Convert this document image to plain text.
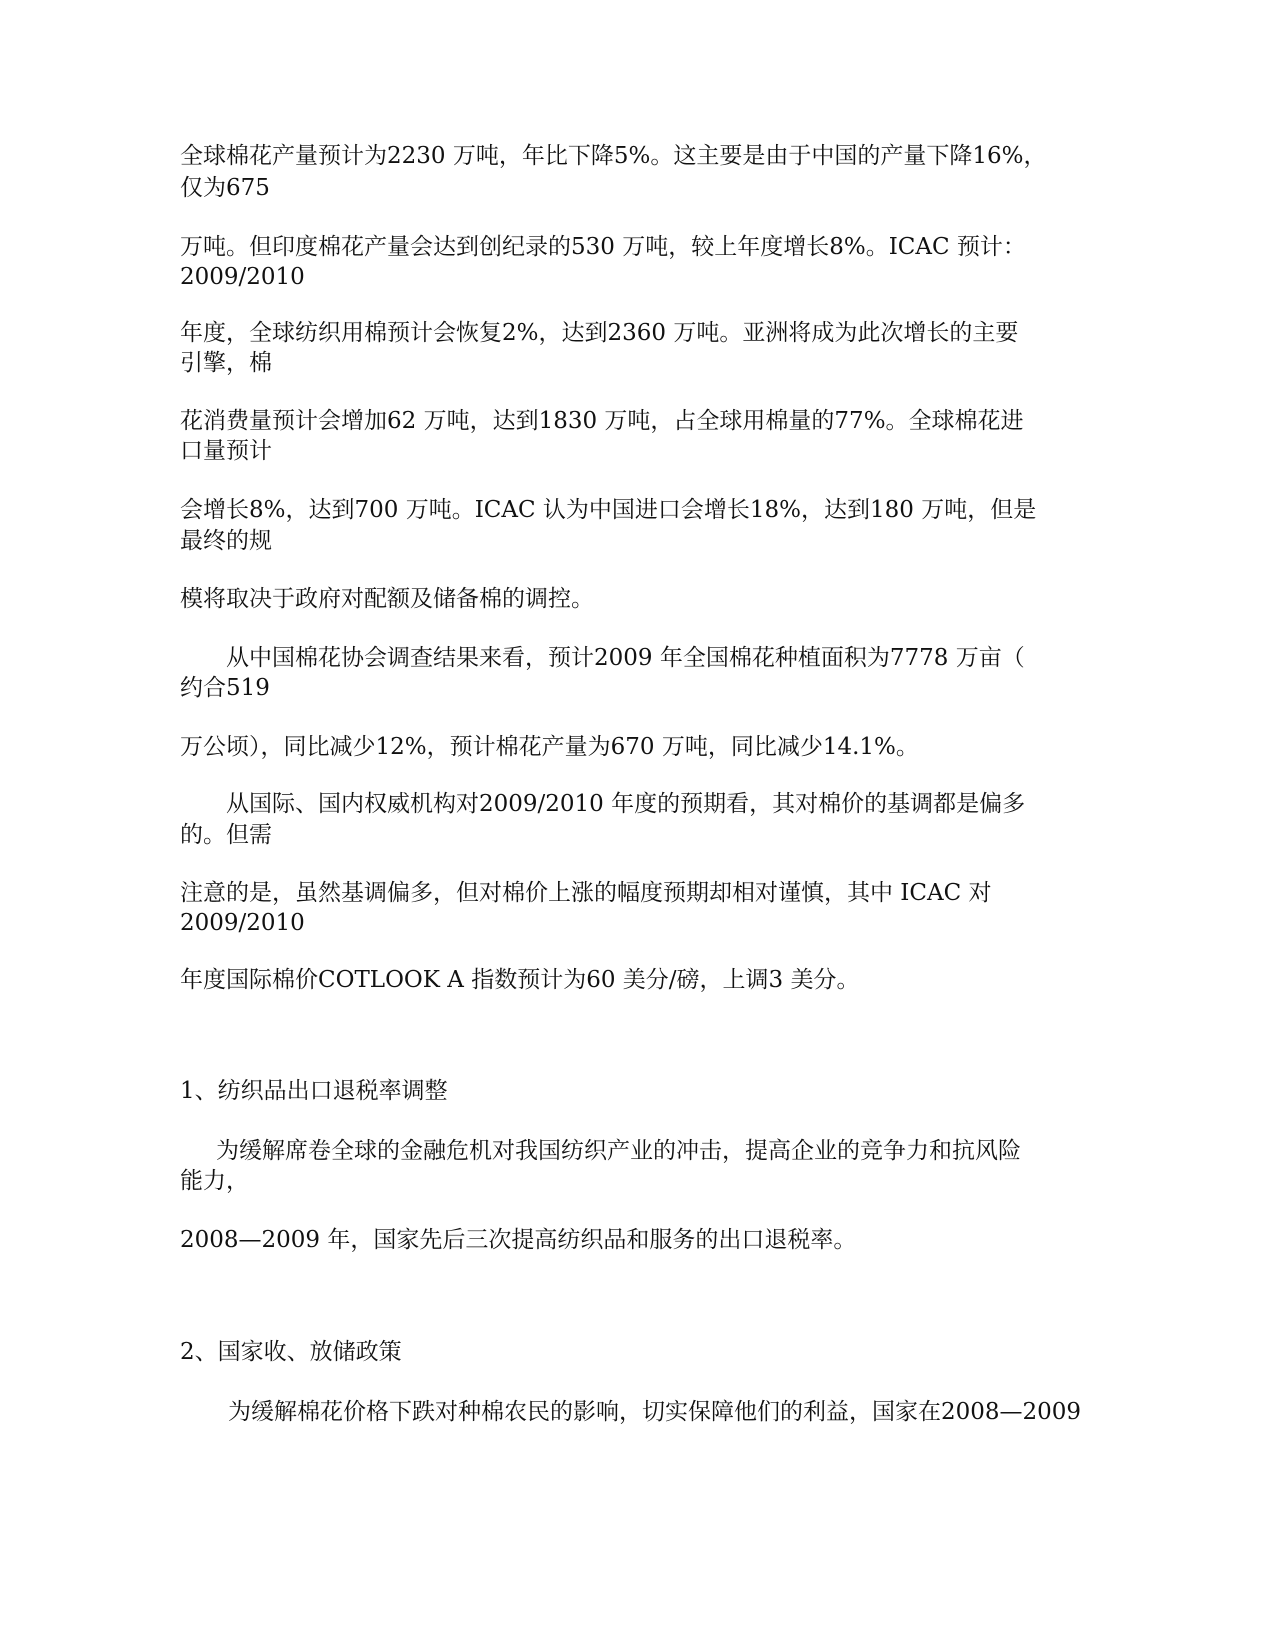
全球棉花产量预计为2230 万吨，年比下降5%。这主要是由于中国的产量下降16%，
仅为675
万吨。但印度棉花产量会达到创纪录的530 万吨，较上年度增长8%。ICAC 预计：
2009/2010
年度，全球纺织用棉预计会恢复2%，达到2360 万吨。亚洲将成为此次增长的主要
引擎，棉
花消费量预计会增加62 万吨，达到1830 万吨，占全球用棉量的77%。全球棉花进
口量预计
会增长8%，达到700 万吨。ICAC 认为中国进口会增长18%，达到180 万吨，但是
最终的规
模将取决于政府对配额及储备棉的调控。
从中国棉花协会调查结果来看，预计2009 年全国棉花种植面积为7778 万亩（
约合519
万公顷），同比减少12%，预计棉花产量为670 万吨，同比减少14.1%。
从国际、国内权威机构对2009/2010 年度的预期看，其对棉价的基调都是偏多
的。但需
注意的是，虽然基调偏多，但对棉价上涨的幅度预期却相对谨慎，其中 ICAC 对
2009/2010
年度国际棉价COTLOOK A 指数预计为60 美分/磅，上调3 美分。
1、纺织品出口退税率调整
为缓解席卷全球的金融危机对我国纺织产业的冲击，提高企业的竞争力和抗风险
能力，
2008—2009 年，国家先后三次提高纺织品和服务的出口退税率。
2、国家收、放储政策
为缓解棉花价格下跌对种棉农民的影响，切实保障他们的利益，国家在2008—2009
